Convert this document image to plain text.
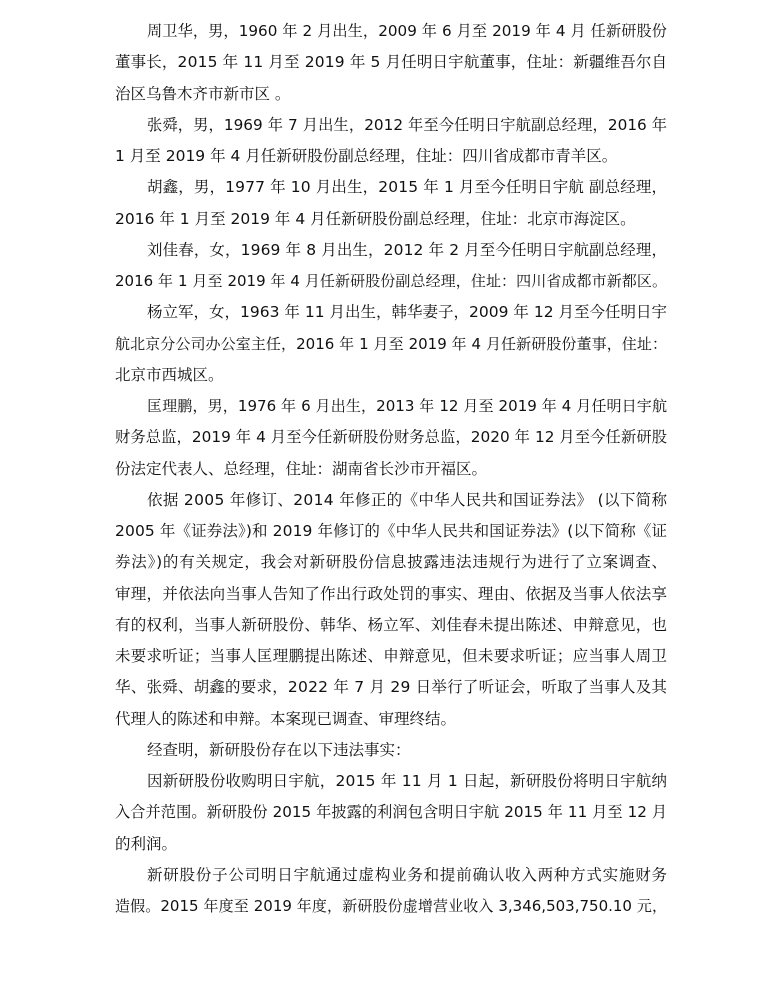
周卫华，男，1960 年 2 月出生，2009 年 6 月至 2019 年 4 月 任新研股份
董事长，2015 年 11 月至 2019 年 5 月任明日宇航董事，住址：新疆维吾尔自
治区乌鲁木齐市新市区 。
张舜，男，1969 年 7 月出生，2012 年至今任明日宇航副总经理，2016 年
1 月至 2019 年 4 月任新研股份副总经理，住址：四川省成都市青羊区。
胡鑫，男，1977 年 10 月出生，2015 年 1 月至今任明日宇航 副总经理，
2016 年 1 月至 2019 年 4 月任新研股份副总经理，住址：北京市海淀区。
刘佳春，女，1969 年 8 月出生，2012 年 2 月至今任明日宇航副总经理，
2016 年 1 月至 2019 年 4 月任新研股份副总经理，住址：四川省成都市新都区。
杨立军，女，1963 年 11 月出生，韩华妻子，2009 年 12 月至今任明日宇
航北京分公司办公室主任，2016 年 1 月至 2019 年 4 月任新研股份董事，住址：
北京市西城区。
匡理鹏，男，1976 年 6 月出生，2013 年 12 月至 2019 年 4 月任明日宇航
财务总监，2019 年 4 月至今任新研股份财务总监，2020 年 12 月至今任新研股
份法定代表人、总经理，住址：湖南省长沙市开福区。
依据 2005 年修订、2014 年修正的《中华人民共和国证券法》 (以下简称
2005 年《证券法》)和 2019 年修订的《中华人民共和国证券法》(以下简称《证
券法》)的有关规定，我会对新研股份信息披露违法违规行为进行了立案调查、
审理，并依法向当事人告知了作出行政处罚的事实、理由、依据及当事人依法享
有的权利，当事人新研股份、韩华、杨立军、刘佳春未提出陈述、申辩意见，也
未要求听证；当事人匡理鹏提出陈述、申辩意见，但未要求听证；应当事人周卫
华、张舜、胡鑫的要求，2022 年 7 月 29 日举行了听证会，听取了当事人及其
代理人的陈述和申辩。本案现已调查、审理终结。
经查明，新研股份存在以下违法事实：
因新研股份收购明日宇航，2015 年 11 月 1 日起，新研股份将明日宇航纳
入合并范围。新研股份 2015 年披露的利润包含明日宇航 2015 年 11 月至 12 月
的利润。
新研股份子公司明日宇航通过虚构业务和提前确认收入两种方式实施财务
造假。2015 年度至 2019 年度，新研股份虚增营业收入 3,346,503,750.10 元，
